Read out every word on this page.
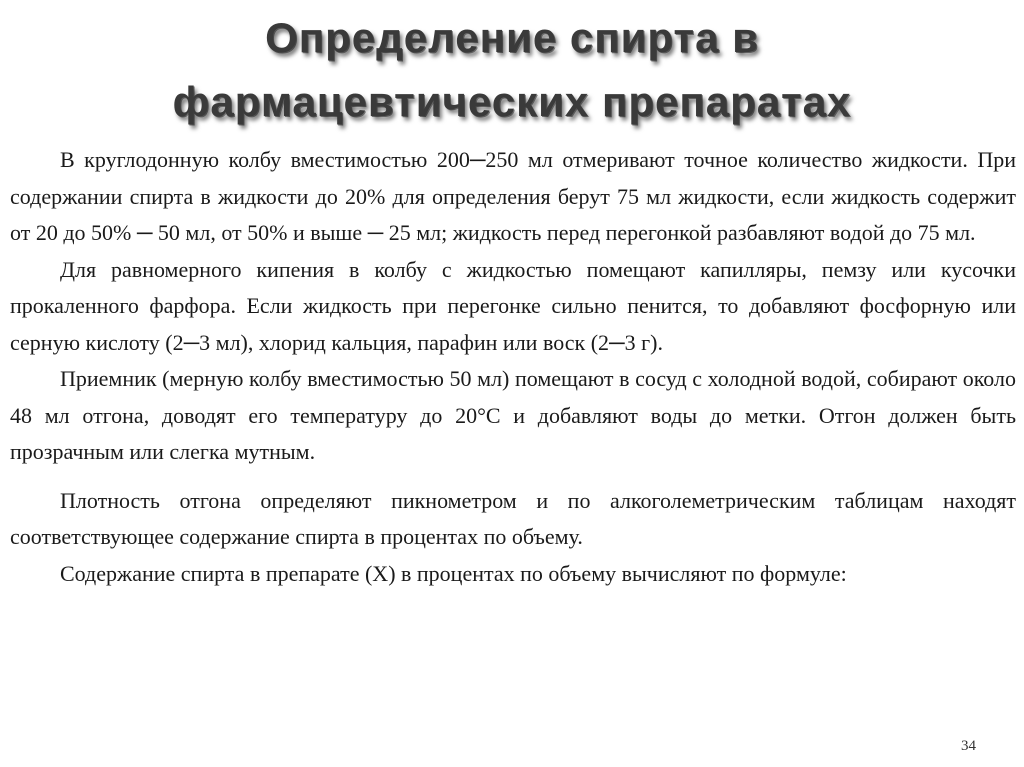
Определение спирта в
фармацевтических препаратах

В круглодонную колбу вместимостью 200─250 мл отмеривают точное количество жидкости. При содержании спирта в жидкости до 20% для определения берут 75 мл жидкости, если жидкость содержит от 20 до 50% ─ 50 мл, от 50% и выше ─ 25 мл; жидкость перед перегонкой разбавляют водой до 75 мл.

Для равномерного кипения в колбу с жидкостью помещают капилляры, пемзу или кусочки прокаленного фарфора. Если жидкость при перегонке сильно пенится, то добавляют фосфорную или серную кислоту (2─3 мл), хлорид кальция, парафин или воск (2─3 г).

Приемник (мерную колбу вместимостью 50 мл) помещают в сосуд с холодной водой, собирают около 48 мл отгона, доводят его температуру до 20°С и добавляют воды до метки. Отгон должен быть прозрачным или слегка мутным.

Плотность отгона определяют пикнометром и по алкоголеметрическим таблицам находят соответствующее содержание спирта в процентах по объему.

Содержание спирта в препарате (Х) в процентах по объему вычисляют по формуле:

34
